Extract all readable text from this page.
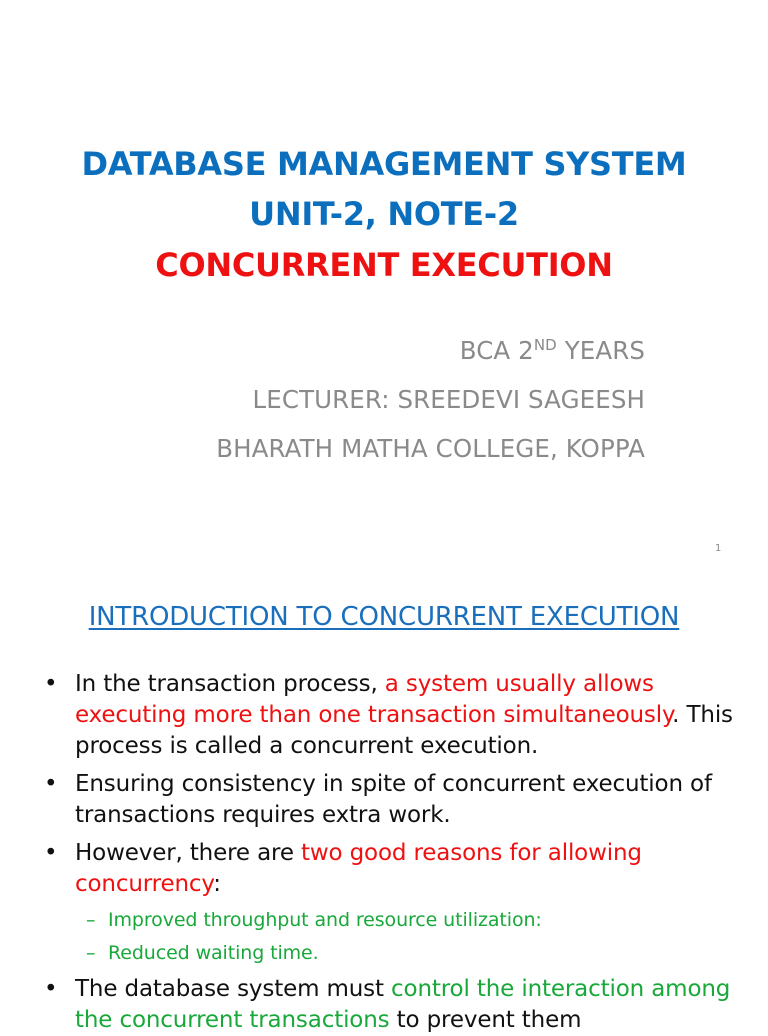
DATABASE MANAGEMENT SYSTEM
UNIT-2, NOTE-2
CONCURRENT EXECUTION
BCA 2ND YEARS
LECTURER: SREEDEVI SAGEESH
BHARATH MATHA COLLEGE, KOPPA
1
INTRODUCTION TO CONCURRENT EXECUTION
• In the transaction process, a system usually allows executing more than one transaction simultaneously. This process is called a concurrent execution.
• Ensuring consistency in spite of concurrent execution of transactions requires extra work.
• However, there are two good reasons for allowing concurrency:
– Improved throughput and resource utilization:
– Reduced waiting time.
• The database system must control the interaction among the concurrent transactions to prevent them
